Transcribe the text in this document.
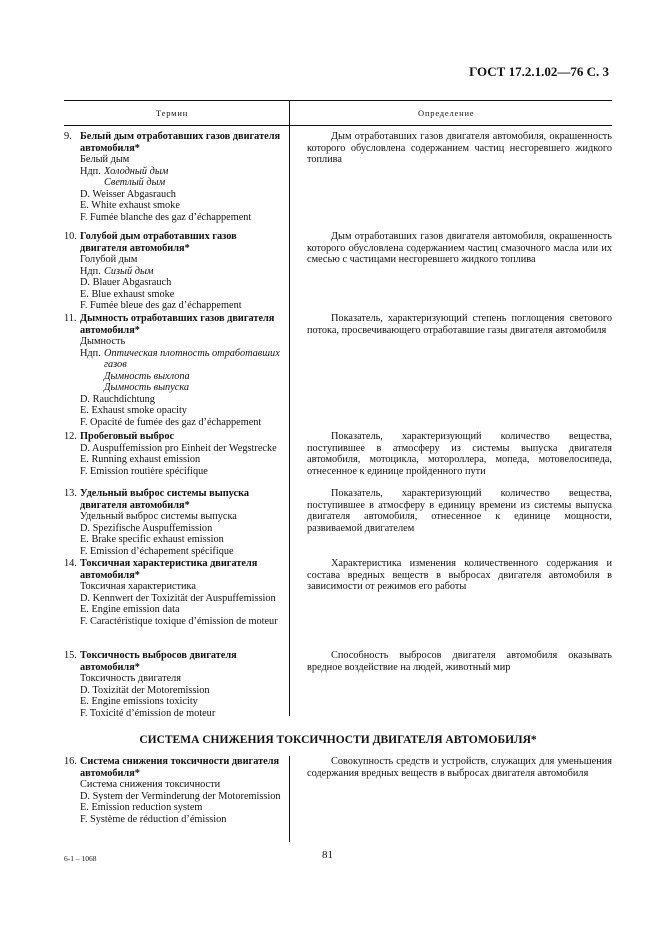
ГОСТ 17.2.1.02—76 С. 3
Термин	Определение
9. Белый дым отработавших газов двигателя автомобиля*
Белый дым
Ндп. Холодный дым
Светлый дым
D. Weisser Abgasrauch
E. White exhaust smoke
F. Fumée blanche des gaz d’échappement
Дым отработавших газов двигателя автомобиля, окрашенность которого обусловлена содержанием частиц несгоревшего жидкого топлива
10. Голубой дым отработавших газов двигателя автомобиля*
Голубой дым
Ндп. Сизый дым
D. Blauer Abgasrauch
E. Blue exhaust smoke
F. Fumée bleue des gaz d’échappement
Дым отработавших газов двигателя автомобиля, окрашенность которого обусловлена содержанием частиц смазочного масла или их смесью с частицами несгоревшего жидкого топлива
11. Дымность отработавших газов двигателя автомобиля*
Дымность
Ндп. Оптическая плотность отработавших газов
Дымность выхлопа
Дымность выпуска
D. Rauchdichtung
E. Exhaust smoke opacity
F. Opacité de fumée des gaz d’échappement
Показатель, характеризующий степень поглощения светового потока, просвечивающего отработавшие газы двигателя автомобиля
12. Пробеговый выброс
D. Auspuffemission pro Einheit der Wegstrecke
E. Running exhaust emission
F. Emission routière spécifique
Показатель, характеризующий количество вещества, поступившее в атмосферу из системы выпуска двигателя автомобиля, мотоцикла, мотороллера, мопеда, мотовелосипеда, отнесенное к единице пройденного пути
13. Удельный выброс системы выпуска двигателя автомобиля*
Удельный выброс системы выпуска
D. Spezifische Auspuffemission
E. Brake specific exhaust emission
F. Emission d’échapement spécifique
Показатель, характеризующий количество вещества, поступившее в атмосферу в единицу времени из системы выпуска двигателя автомобиля, отнесенное к единице мощности, развиваемой двигателем
14. Токсичная характеристика двигателя автомобиля*
Токсичная характеристика
D. Kennwert der Toxizität der Auspuffemission
E. Engine emission data
F. Caractéristique toxique d’émission de moteur
Характеристика изменения количественного содержания и состава вредных веществ в выбросах двигателя автомобиля в зависимости от режимов его работы
15. Токсичность выбросов двигателя автомобиля*
Токсичность двигателя
D. Toxizität der Motoremission
E. Engine emissions toxicity
F. Toxicité d’émission de moteur
Способность выбросов двигателя автомобиля оказывать вредное воздействие на людей, животный мир
СИСТЕМА СНИЖЕНИЯ ТОКСИЧНОСТИ ДВИГАТЕЛЯ АВТОМОБИЛЯ*
16. Система снижения токсичности двигателя автомобиля*
Система снижения токсичности
D. System der Verminderung der Motoremission
E. Emission reduction system
F. Système de réduction d’émission
Совокупность средств и устройств, служащих для уменьшения содержания вредных веществ в выбросах двигателя автомобиля
6-1 – 1068	81
